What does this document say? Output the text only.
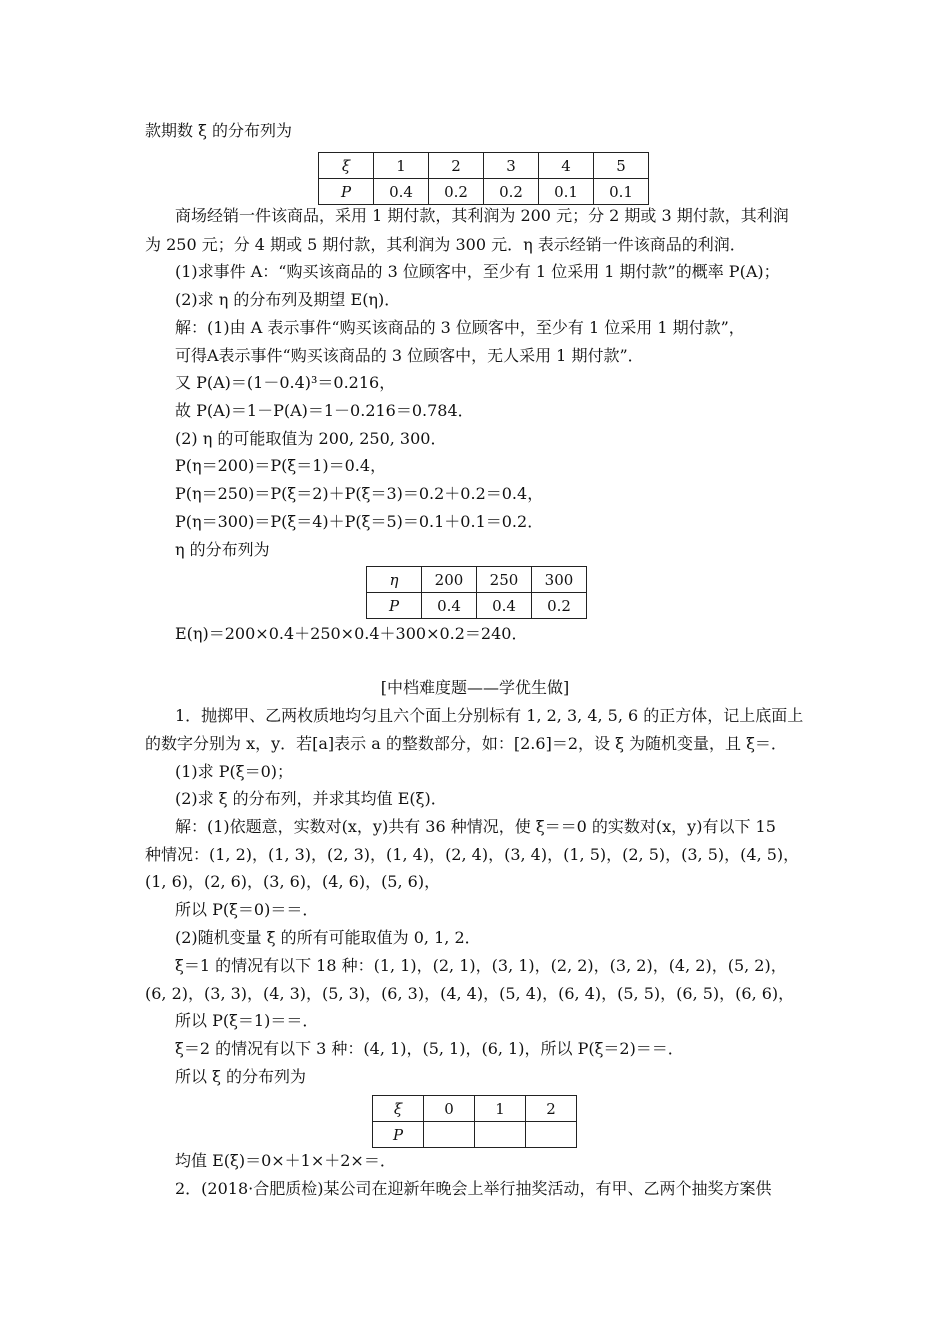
款期数 ξ 的分布列为
ξ	1	2	3	4	5
P	0.4	0.2	0.2	0.1	0.1
商场经销一件该商品，采用 1 期付款，其利润为 200 元；分 2 期或 3 期付款，其利润
为 250 元；分 4 期或 5 期付款，其利润为 300 元．η 表示经销一件该商品的利润．
(1)求事件 A：“购买该商品的 3 位顾客中，至少有 1 位采用 1 期付款”的概率 P(A)；
(2)求 η 的分布列及期望 E(η)．
解：(1)由 A 表示事件“购买该商品的 3 位顾客中，至少有 1 位采用 1 期付款”，
可得A表示事件“购买该商品的 3 位顾客中，无人采用 1 期付款”．
又 P(A)＝(1－0.4)³＝0.216，
故 P(A)＝1－P(A)＝1－0.216＝0.784．
(2) η 的可能取值为 200, 250, 300．
P(η＝200)＝P(ξ＝1)＝0.4，
P(η＝250)＝P(ξ＝2)＋P(ξ＝3)＝0.2＋0.2＝0.4，
P(η＝300)＝P(ξ＝4)＋P(ξ＝5)＝0.1＋0.1＝0.2．
η 的分布列为
η	200	250	300
P	0.4	0.4	0.2
E(η)＝200×0.4＋250×0.4＋300×0.2＝240．
[中档难度题——学优生做]
1．抛掷甲、乙两枚质地均匀且六个面上分别标有 1, 2, 3, 4, 5, 6 的正方体，记上底面上
的数字分别为 x，y．若[a]表示 a 的整数部分，如：[2.6]＝2，设 ξ 为随机变量，且 ξ＝．
(1)求 P(ξ＝0)；
(2)求 ξ 的分布列，并求其均值 E(ξ)．
解：(1)依题意，实数对(x，y)共有 36 种情况，使 ξ＝＝0 的实数对(x，y)有以下 15
种情况：(1, 2)，(1, 3)，(2, 3)，(1, 4)，(2, 4)，(3, 4)，(1, 5)，(2, 5)，(3, 5)，(4, 5)，
(1, 6)，(2, 6)，(3, 6)，(4, 6)，(5, 6)，
所以 P(ξ＝0)＝＝．
(2)随机变量 ξ 的所有可能取值为 0, 1, 2．
ξ＝1 的情况有以下 18 种：(1, 1)，(2, 1)，(3, 1)，(2, 2)，(3, 2)，(4, 2)，(5, 2)，
(6, 2)，(3, 3)，(4, 3)，(5, 3)，(6, 3)，(4, 4)，(5, 4)，(6, 4)，(5, 5)，(6, 5)，(6, 6)，
所以 P(ξ＝1)＝＝．
ξ＝2 的情况有以下 3 种：(4, 1)，(5, 1)，(6, 1)，所以 P(ξ＝2)＝＝．
所以 ξ 的分布列为
ξ	0	1	2
P			
均值 E(ξ)＝0×＋1×＋2×＝．
2．(2018·合肥质检)某公司在迎新年晚会上举行抽奖活动，有甲、乙两个抽奖方案供
